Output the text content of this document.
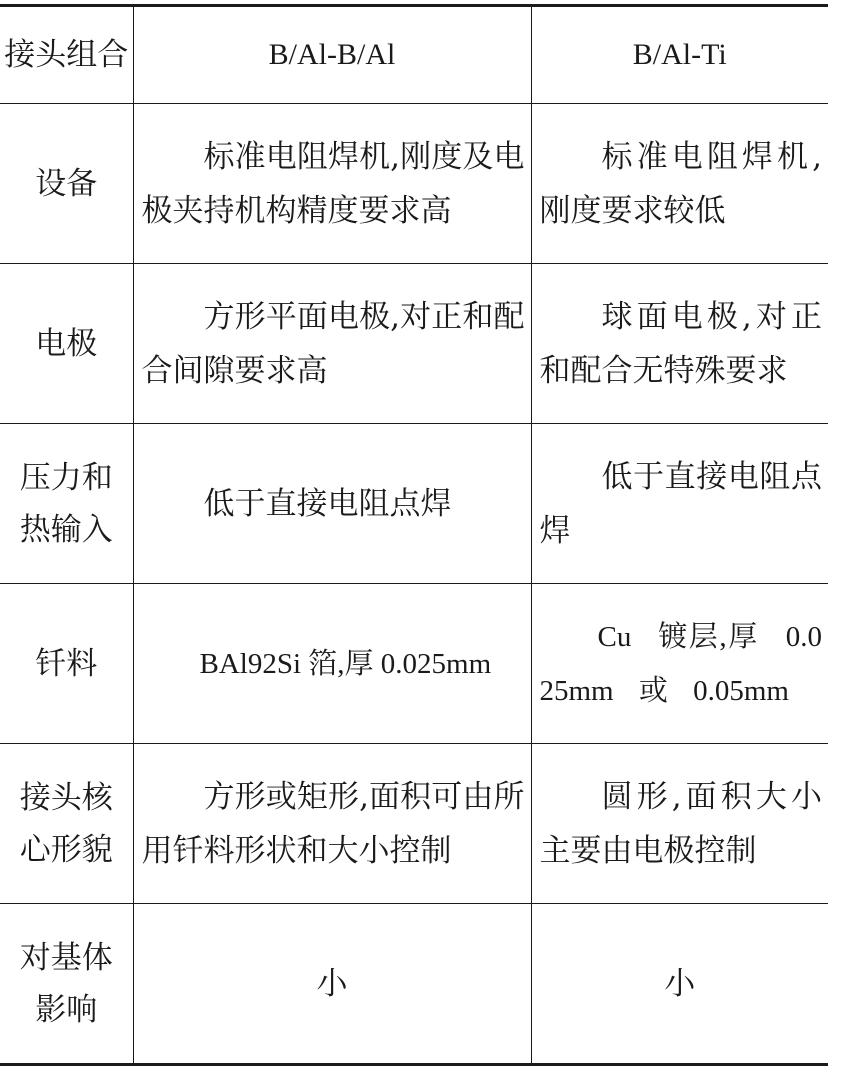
接头组合	B/Al-B/Al	B/Al-Ti

设备	标准电阻焊机,刚度及电极夹持机构精度要求高	标准电阻焊机,刚度要求较低

电极	方形平面电极,对正和配合间隙要求高	球面电极,对正和配合无特殊要求

压力和热输入	低于直接电阻点焊	低于直接电阻点焊

钎料	BAl92Si 箔,厚 0.025mm	Cu 镀层,厚 0.025mm 或 0.05mm

接头核心形貌	方形或矩形,面积可由所用钎料形状和大小控制	圆形,面积大小主要由电极控制

对基体影响	小	小
